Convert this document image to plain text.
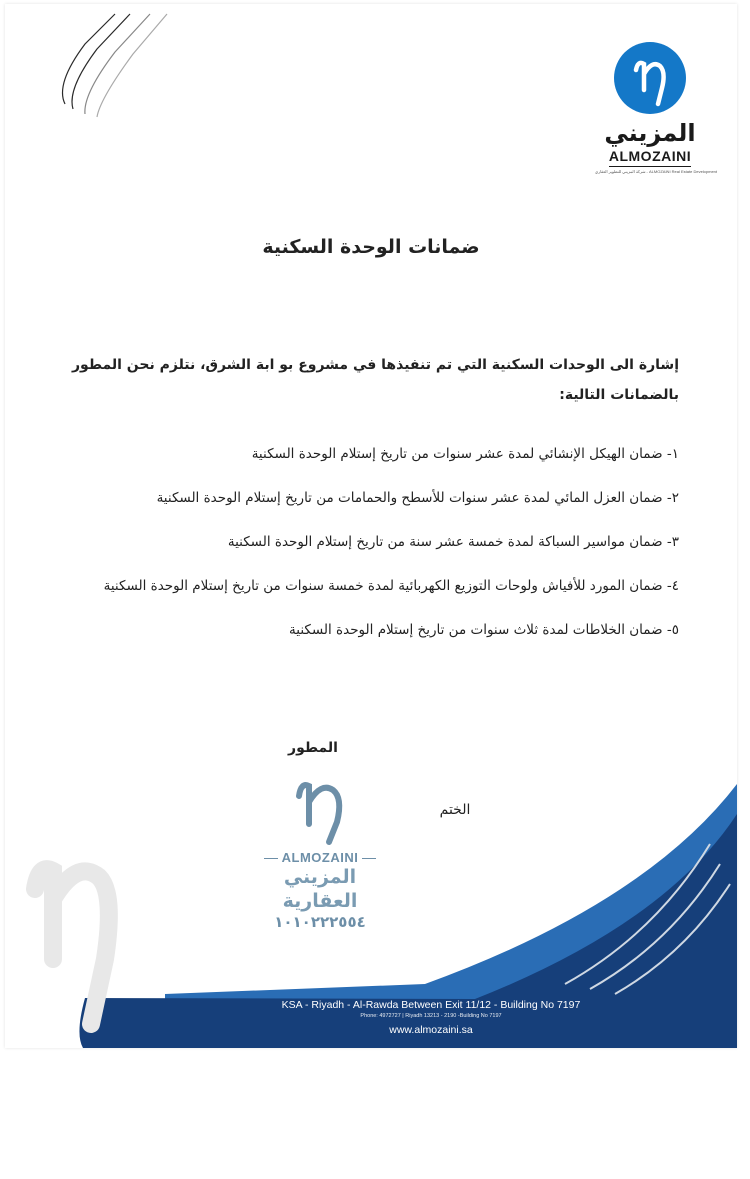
المزيني
ALMOZAINI
شركة المزيني للتطوير العقاري - ALMOZAINI Real Estate Development
ضمانات الوحدة السكنية
إشارة الى الوحدات السكنية التي تم تنفيذها في مشروع بو ابة الشرق، نتلزم نحن المطور بالضمانات التالية:
١- ضمان الهيكل الإنشائي لمدة عشر سنوات من تاريخ إستلام الوحدة السكنية
٢- ضمان العزل المائي لمدة عشر سنوات للأسطح والحمامات من تاريخ إستلام الوحدة السكنية
٣- ضمان مواسير السباكة لمدة خمسة عشر سنة من تاريخ إستلام الوحدة السكنية
٤- ضمان المورد للأفياش ولوحات التوزيع الكهربائية لمدة خمسة سنوات من تاريخ إستلام الوحدة السكنية
٥- ضمان الخلاطات لمدة ثلاث سنوات من تاريخ إستلام الوحدة السكنية
KSA - Riyadh - Al-Rawda Between Exit 11/12 - Building No 7197
Phone: 4972727 | Riyadh 13213 - 2190 -Building No 7197
www.almozaini.sa
المطور
الختم
ALMOZAINI
المزيني العقارية
١٠١٠٢٢٢٥٥٤
